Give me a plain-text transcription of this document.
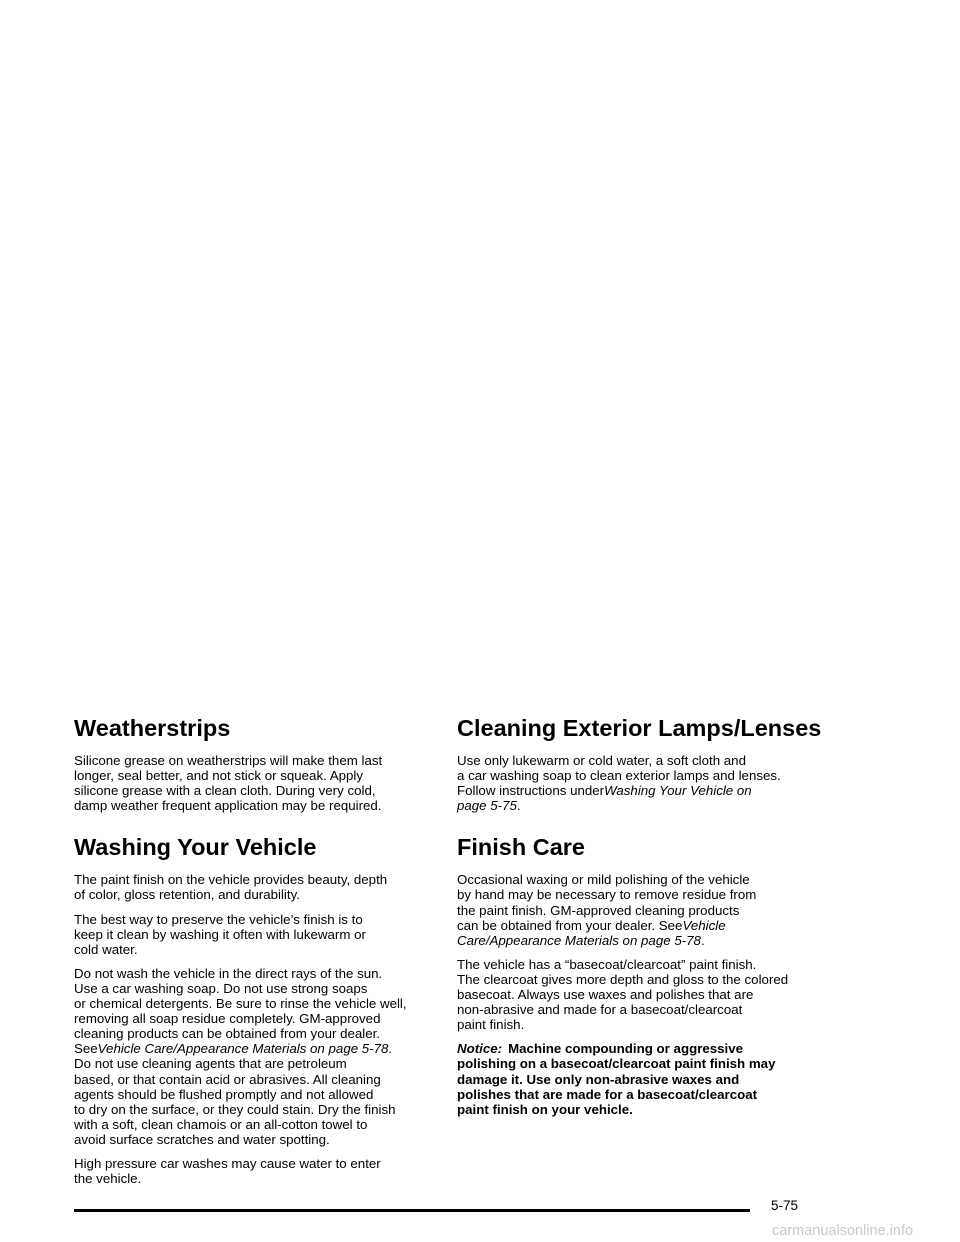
Weatherstrips

Silicone grease on weatherstrips will make them last
longer, seal better, and not stick or squeak. Apply
silicone grease with a clean cloth. During very cold,
damp weather frequent application may be required.

Washing Your Vehicle

The paint finish on the vehicle provides beauty, depth
of color, gloss retention, and durability.

The best way to preserve the vehicle’s finish is to
keep it clean by washing it often with lukewarm or
cold water.

Do not wash the vehicle in the direct rays of the sun.
Use a car washing soap. Do not use strong soaps
or chemical detergents. Be sure to rinse the vehicle well,
removing all soap residue completely. GM-approved
cleaning products can be obtained from your dealer.
SeeVehicle Care/Appearance Materials on page 5-78.
Do not use cleaning agents that are petroleum
based, or that contain acid or abrasives. All cleaning
agents should be flushed promptly and not allowed
to dry on the surface, or they could stain. Dry the finish
with a soft, clean chamois or an all-cotton towel to
avoid surface scratches and water spotting.

High pressure car washes may cause water to enter
the vehicle.

Cleaning Exterior Lamps/Lenses

Use only lukewarm or cold water, a soft cloth and
a car washing soap to clean exterior lamps and lenses.
Follow instructions underWashing Your Vehicle on
page 5-75.

Finish Care

Occasional waxing or mild polishing of the vehicle
by hand may be necessary to remove residue from
the paint finish. GM-approved cleaning products
can be obtained from your dealer. SeeVehicle
Care/Appearance Materials on page 5-78.

The vehicle has a “basecoat/clearcoat” paint finish.
The clearcoat gives more depth and gloss to the colored
basecoat. Always use waxes and polishes that are
non-abrasive and made for a basecoat/clearcoat
paint finish.

Notice: Machine compounding or aggressive
polishing on a basecoat/clearcoat paint finish may
damage it. Use only non-abrasive waxes and
polishes that are made for a basecoat/clearcoat
paint finish on your vehicle.

5-75
carmanualsonline.info
